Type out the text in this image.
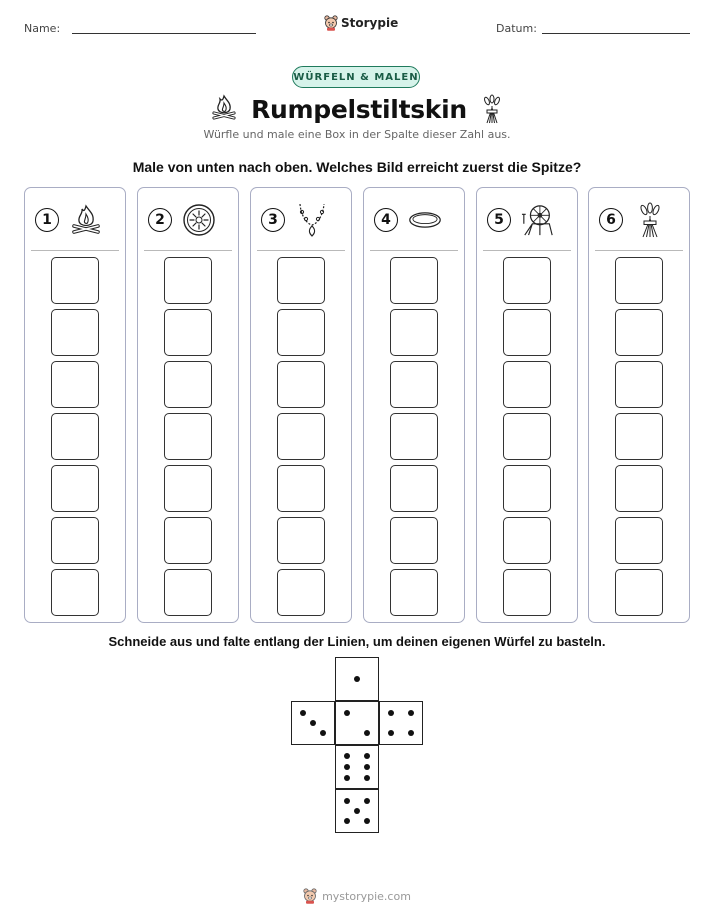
Name:	Storypie	Datum:
WÜRFELN & MALEN
Rumpelstiltskin
Würfle und male eine Box in der Spalte dieser Zahl aus.
Male von unten nach oben. Welches Bild erreicht zuerst die Spitze?
1	2	3	4	5	6
Schneide aus und falte entlang der Linien, um deinen eigenen Würfel zu basteln.
mystorypie.com
